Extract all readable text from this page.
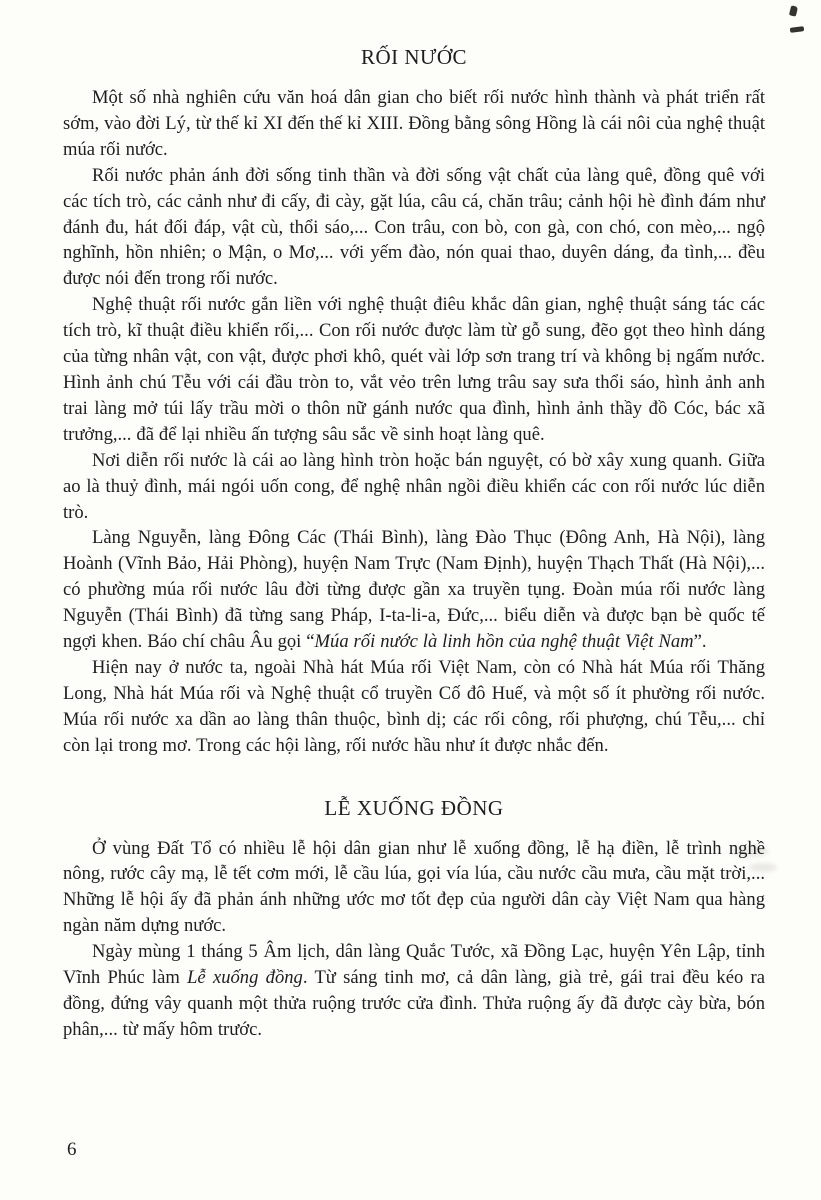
RỐI NƯỚC

Một số nhà nghiên cứu văn hoá dân gian cho biết rối nước hình thành và phát triển rất sớm, vào đời Lý, từ thế kỉ XI đến thế kỉ XIII. Đồng bằng sông Hồng là cái nôi của nghệ thuật múa rối nước.

Rối nước phản ánh đời sống tinh thần và đời sống vật chất của làng quê, đồng quê với các tích trò, các cảnh như đi cấy, đi cày, gặt lúa, câu cá, chăn trâu; cảnh hội hè đình đám như đánh đu, hát đối đáp, vật cù, thổi sáo,... Con trâu, con bò, con gà, con chó, con mèo,... ngộ nghĩnh, hồn nhiên; o Mận, o Mơ,... với yếm đào, nón quai thao, duyên dáng, đa tình,... đều được nói đến trong rối nước.

Nghệ thuật rối nước gắn liền với nghệ thuật điêu khắc dân gian, nghệ thuật sáng tác các tích trò, kĩ thuật điều khiển rối,... Con rối nước được làm từ gỗ sung, đẽo gọt theo hình dáng của từng nhân vật, con vật, được phơi khô, quét vài lớp sơn trang trí và không bị ngấm nước. Hình ảnh chú Tễu với cái đầu tròn to, vắt vẻo trên lưng trâu say sưa thổi sáo, hình ảnh anh trai làng mở túi lấy trầu mời o thôn nữ gánh nước qua đình, hình ảnh thầy đồ Cóc, bác xã trưởng,... đã để lại nhiều ấn tượng sâu sắc về sinh hoạt làng quê.

Nơi diễn rối nước là cái ao làng hình tròn hoặc bán nguyệt, có bờ xây xung quanh. Giữa ao là thuỷ đình, mái ngói uốn cong, để nghệ nhân ngồi điều khiển các con rối nước lúc diễn trò.

Làng Nguyễn, làng Đông Các (Thái Bình), làng Đào Thục (Đông Anh, Hà Nội), làng Hoành (Vĩnh Bảo, Hải Phòng), huyện Nam Trực (Nam Định), huyện Thạch Thất (Hà Nội),... có phường múa rối nước lâu đời từng được gần xa truyền tụng. Đoàn múa rối nước làng Nguyễn (Thái Bình) đã từng sang Pháp, I-ta-li-a, Đức,... biểu diễn và được bạn bè quốc tế ngợi khen. Báo chí châu Âu gọi “Múa rối nước là linh hồn của nghệ thuật Việt Nam”.

Hiện nay ở nước ta, ngoài Nhà hát Múa rối Việt Nam, còn có Nhà hát Múa rối Thăng Long, Nhà hát Múa rối và Nghệ thuật cổ truyền Cố đô Huế, và một số ít phường rối nước. Múa rối nước xa dần ao làng thân thuộc, bình dị; các rối công, rối phượng, chú Tễu,... chỉ còn lại trong mơ. Trong các hội làng, rối nước hầu như ít được nhắc đến.

LỄ XUỐNG ĐỒNG

Ở vùng Đất Tổ có nhiều lễ hội dân gian như lễ xuống đồng, lễ hạ điền, lễ trình nghề nông, rước cây mạ, lễ tết cơm mới, lễ cầu lúa, gọi vía lúa, cầu nước cầu mưa, cầu mặt trời,... Những lễ hội ấy đã phản ánh những ước mơ tốt đẹp của người dân cày Việt Nam qua hàng ngàn năm dựng nước.

Ngày mùng 1 tháng 5 Âm lịch, dân làng Quắc Tước, xã Đồng Lạc, huyện Yên Lập, tỉnh Vĩnh Phúc làm Lễ xuống đồng. Từ sáng tinh mơ, cả dân làng, già trẻ, gái trai đều kéo ra đồng, đứng vây quanh một thửa ruộng trước cửa đình. Thửa ruộng ấy đã được cày bừa, bón phân,... từ mấy hôm trước.

6
